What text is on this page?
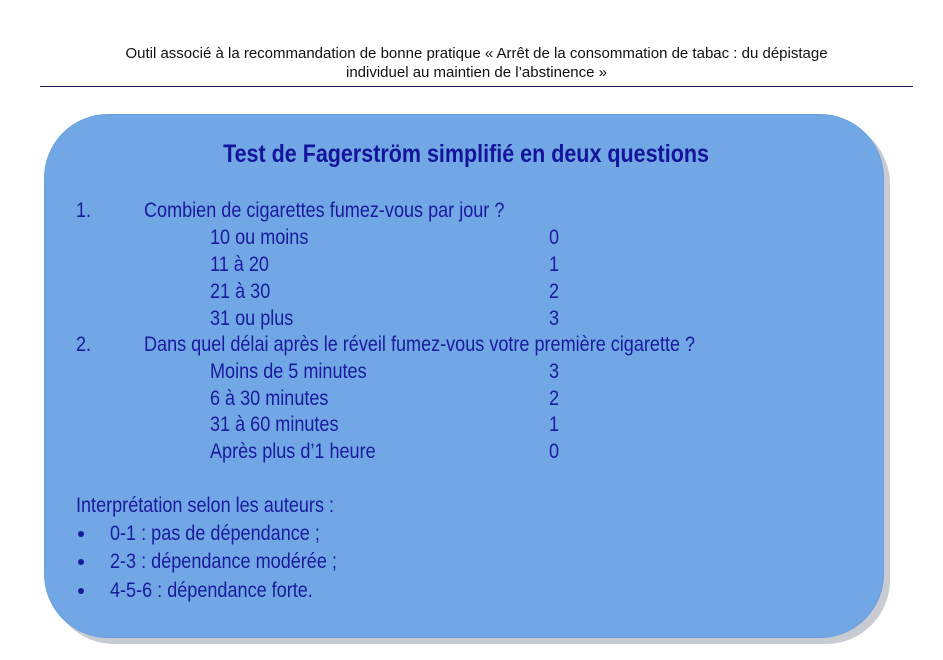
Outil associé à la recommandation de bonne pratique « Arrêt de la consommation de tabac : du dépistage
individuel au maintien de l’abstinence »
Test de Fagerström simplifié en deux questions
1.	Combien de cigarettes fumez-vous par jour ?
10 ou moins	0
11 à 20	1
21 à 30	2
31 ou plus	3
2.	Dans quel délai après le réveil fumez-vous votre première cigarette ?
Moins de 5 minutes	3
6 à 30 minutes	2
31 à 60 minutes	1
Après plus d’1 heure	0
Interprétation selon les auteurs :
0-1 : pas de dépendance ;
2-3 : dépendance modérée ;
4-5-6 : dépendance forte.
